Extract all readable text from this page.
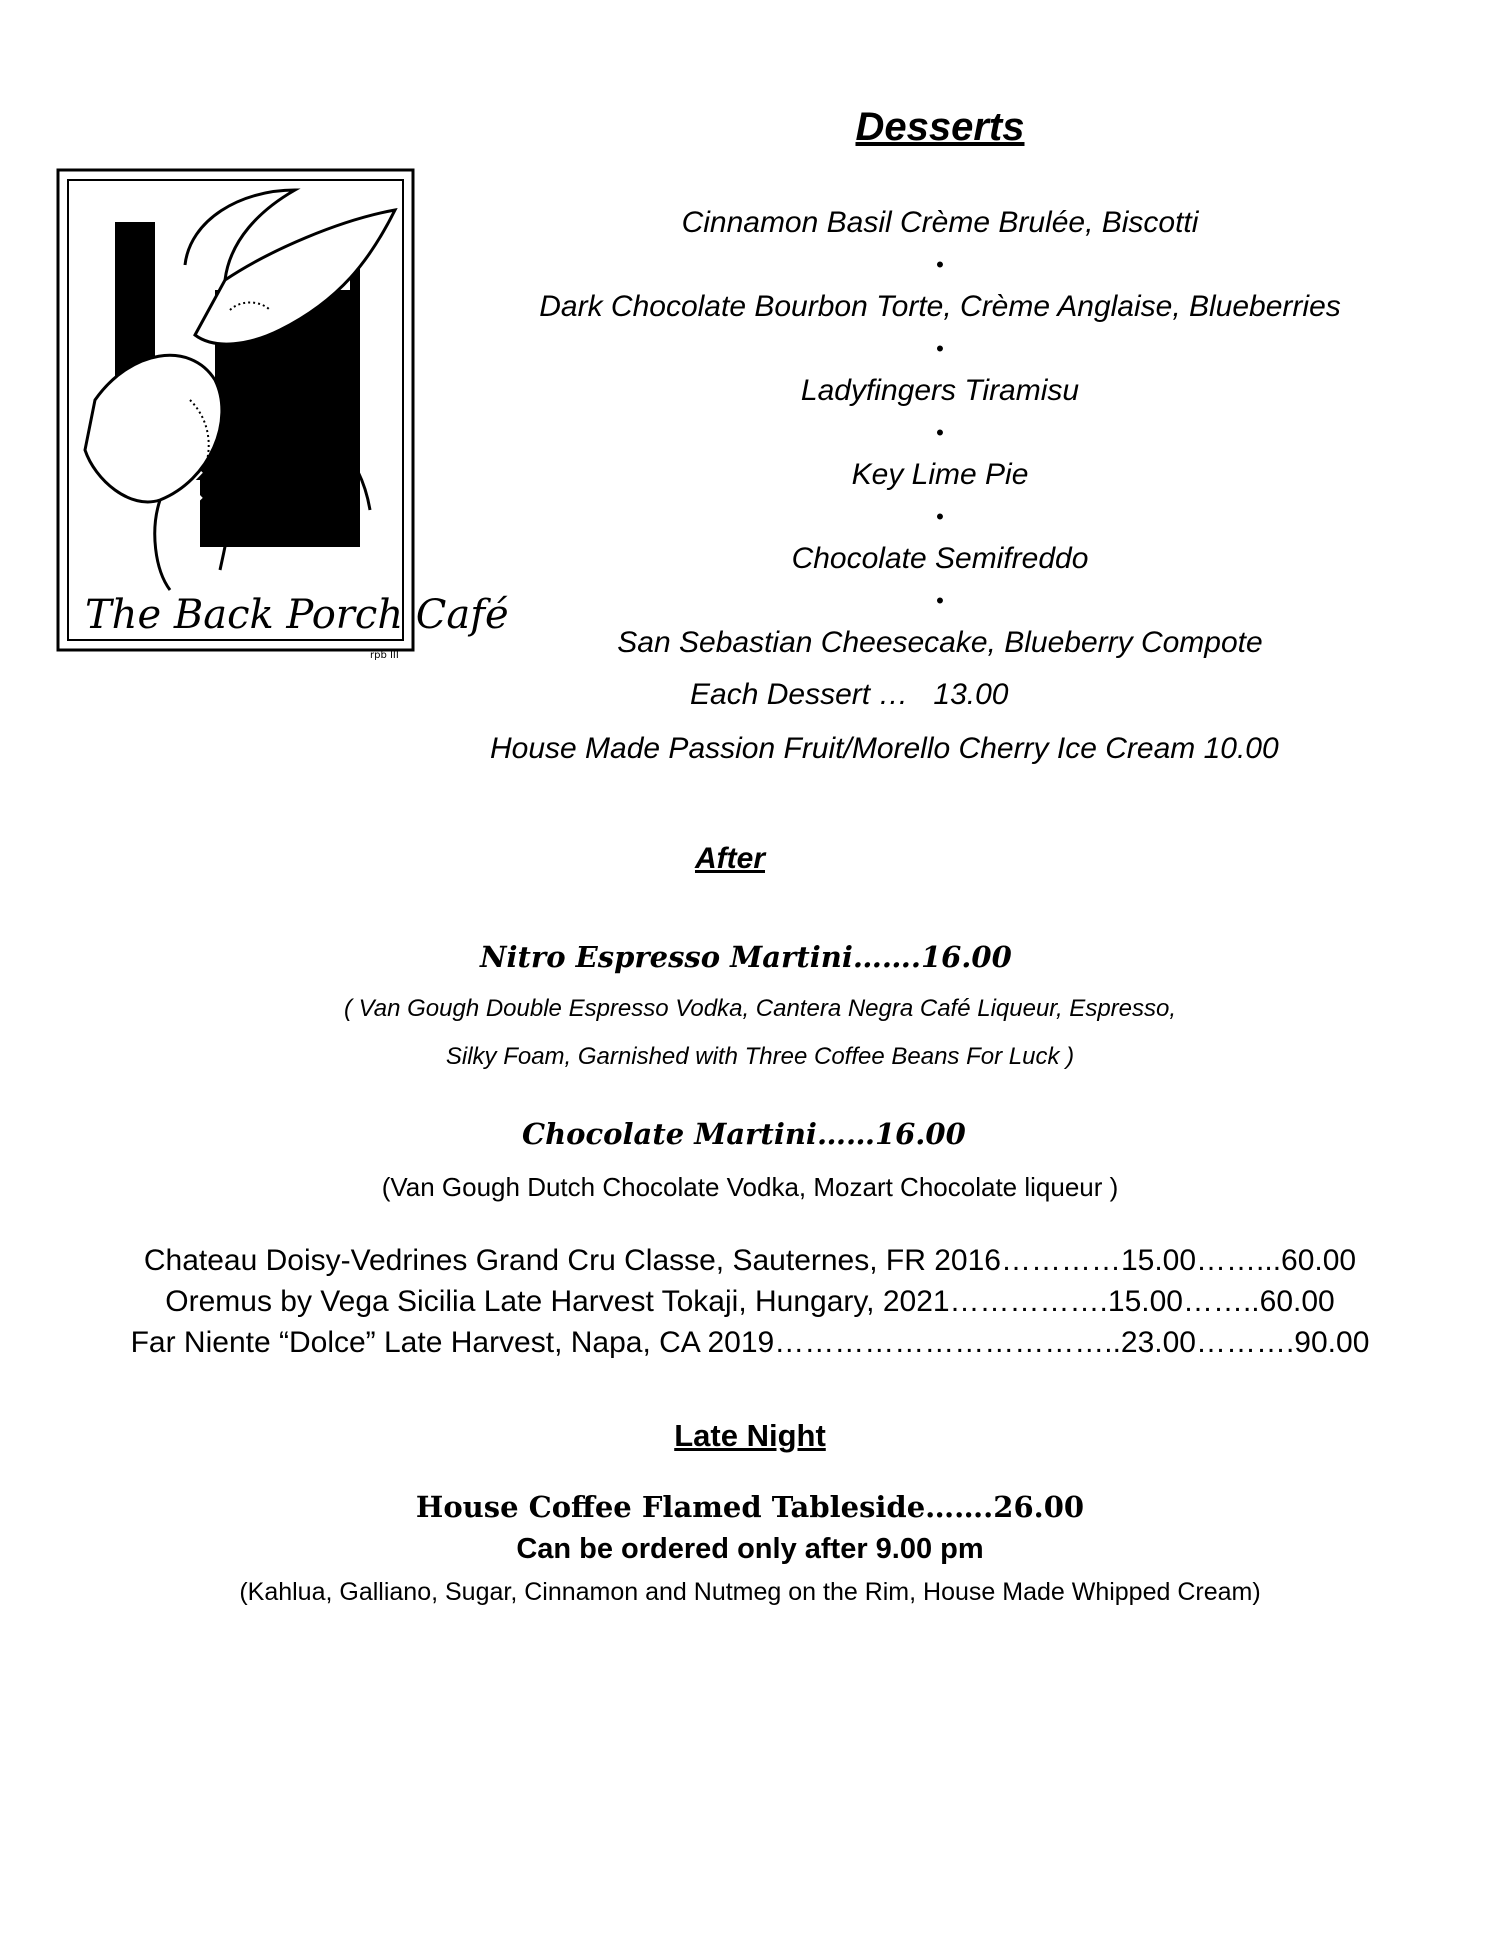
The Back Porch Café
rpb III
Desserts
Cinnamon Basil Crème Brulée, Biscotti
•
Dark Chocolate Bourbon Torte, Crème Anglaise, Blueberries
•
Ladyfingers Tiramisu
•
Key Lime Pie
•
Chocolate Semifreddo
•
San Sebastian Cheesecake, Blueberry Compote
Each Dessert …   13.00
House Made Passion Fruit/Morello Cherry Ice Cream 10.00
After
Nitro Espresso Martini…….16.00
( Van Gough Double Espresso Vodka, Cantera Negra Café Liqueur, Espresso,
Silky Foam, Garnished with Three Coffee Beans For Luck )
Chocolate Martini……16.00
(Van Gough Dutch Chocolate Vodka, Mozart Chocolate liqueur )
Chateau Doisy-Vedrines Grand Cru Classe, Sauternes, FR 2016…………15.00……...60.00
Oremus by Vega Sicilia Late Harvest Tokaji, Hungary, 2021…………….15.00……..60.00
Far Niente “Dolce” Late Harvest, Napa, CA 2019……………………………..23.00……….90.00
Late Night
House Coffee Flamed Tableside…….26.00
Can be ordered only after 9.00 pm
(Kahlua, Galliano, Sugar, Cinnamon and Nutmeg on the Rim, House Made Whipped Cream)
